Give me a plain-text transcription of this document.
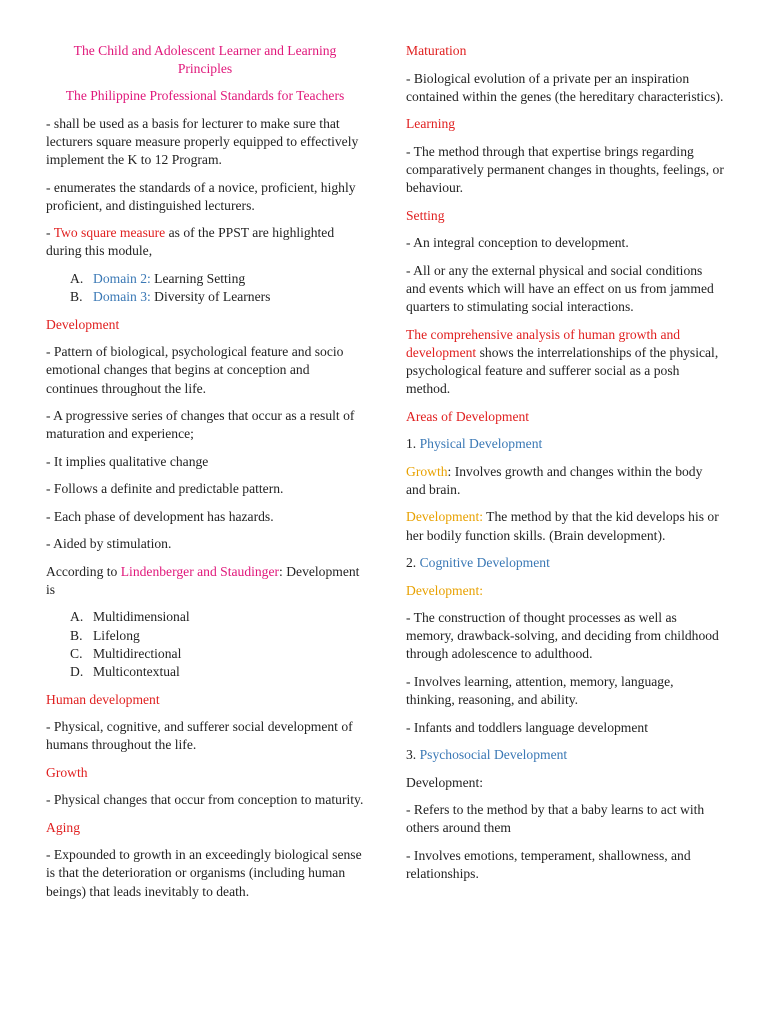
The Child and Adolescent Learner and Learning Principles

The Philippine Professional Standards for Teachers

- shall be used as a basis for lecturer to make sure that lecturers square measure properly equipped to effectively implement the K to 12 Program.

- enumerates the standards of a novice, proficient, highly proficient, and distinguished lecturers.

- Two square measure as of the PPST are highlighted during this module,

A. Domain 2: Learning Setting
B. Domain 3: Diversity of Learners

Development

- Pattern of biological, psychological feature and socio emotional changes that begins at conception and continues throughout the life.

- A progressive series of changes that occur as a result of maturation and experience;

- It implies qualitative change

- Follows a definite and predictable pattern.

- Each phase of development has hazards.

- Aided by stimulation.

According to Lindenberger and Staudinger: Development is

A. Multidimensional
B. Lifelong
C. Multidirectional
D. Multicontextual

Human development

- Physical, cognitive, and sufferer social development of humans throughout the life.

Growth

- Physical changes that occur from conception to maturity.

Aging

- Expounded to growth in an exceedingly biological sense is that the deterioration or organisms (including human beings) that leads inevitably to death.

Maturation

- Biological evolution of a private per an inspiration contained within the genes (the hereditary characteristics).

Learning

- The method through that expertise brings regarding comparatively permanent changes in thoughts, feelings, or behaviour.

Setting

- An integral conception to development.

- All or any the external physical and social conditions and events which will have an effect on us from jammed quarters to stimulating social interactions.

The comprehensive analysis of human growth and development shows the interrelationships of the physical, psychological feature and sufferer social as a posh method.

Areas of Development

1. Physical Development

Growth: Involves growth and changes within the body and brain.

Development: The method by that the kid develops his or her bodily function skills. (Brain development).

2. Cognitive Development

Development:

- The construction of thought processes as well as memory, drawback-solving, and deciding from childhood through adolescence to adulthood.

- Involves learning, attention, memory, language, thinking, reasoning, and ability.

- Infants and toddlers language development

3. Psychosocial Development

Development:

- Refers to the method by that a baby learns to act with others around them

- Involves emotions, temperament, shallowness, and relationships.
